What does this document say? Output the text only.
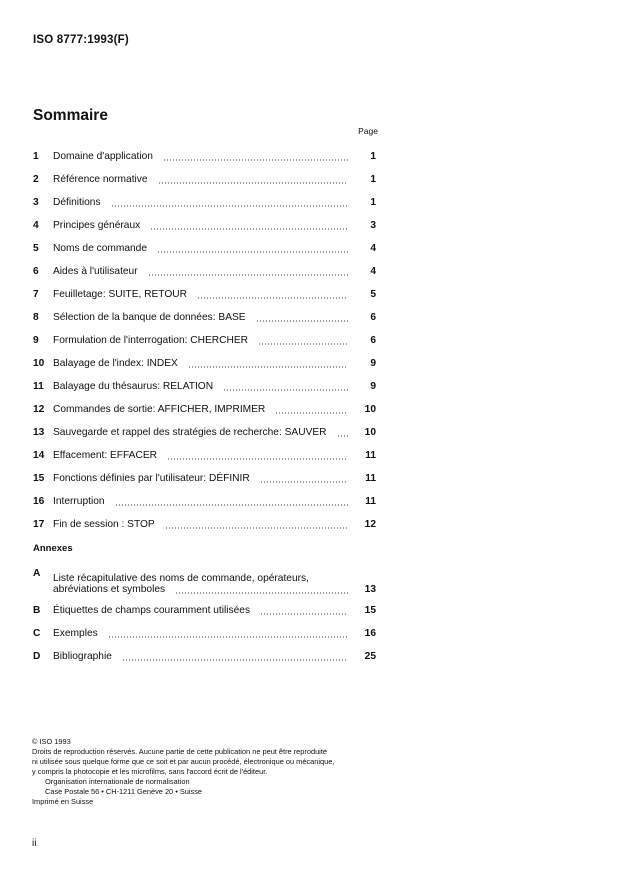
ISO 8777:1993(F)
Sommaire
Page
1	Domaine d'application	1
2	Référence normative	1
3	Définitions	1
4	Principes généraux	3
5	Noms de commande	4
6	Aides à l'utilisateur	4
7	Feuilletage: SUITE, RETOUR	5
8	Sélection de la banque de données: BASE	6
9	Formulation de l'interrogation: CHERCHER	6
10 Balayage de l'index: INDEX	9
11 Balayage du thésaurus: RELATION	9
12 Commandes de sortie: AFFICHER, IMPRIMER	10
13 Sauvegarde et rappel des stratégies de recherche: SAUVER	10
14 Effacement: EFFACER	11
15 Fonctions définies par l'utilisateur: DÉFINIR	11
16 Interruption	11
17 Fin de session : STOP	12
Annexes
A	Liste récapitulative des noms de commande, opérateurs,
abréviations et symboles	13
B	Étiquettes de champs couramment utilisées	15
C	Exemples	16
D	Bibliographie	25
© ISO 1993
Droits de reproduction réservés. Aucune partie de cette publication ne peut être reproduite
ni utilisée sous quelque forme que ce soit et par aucun procédé, électronique ou mécanique,
y compris la photocopie et les microfilms, sans l'accord écrit de l'éditeur.
Organisation internationale de normalisation
Case Postale 56 • CH-1211 Genève 20 • Suisse
Imprimé en Suisse
ii
